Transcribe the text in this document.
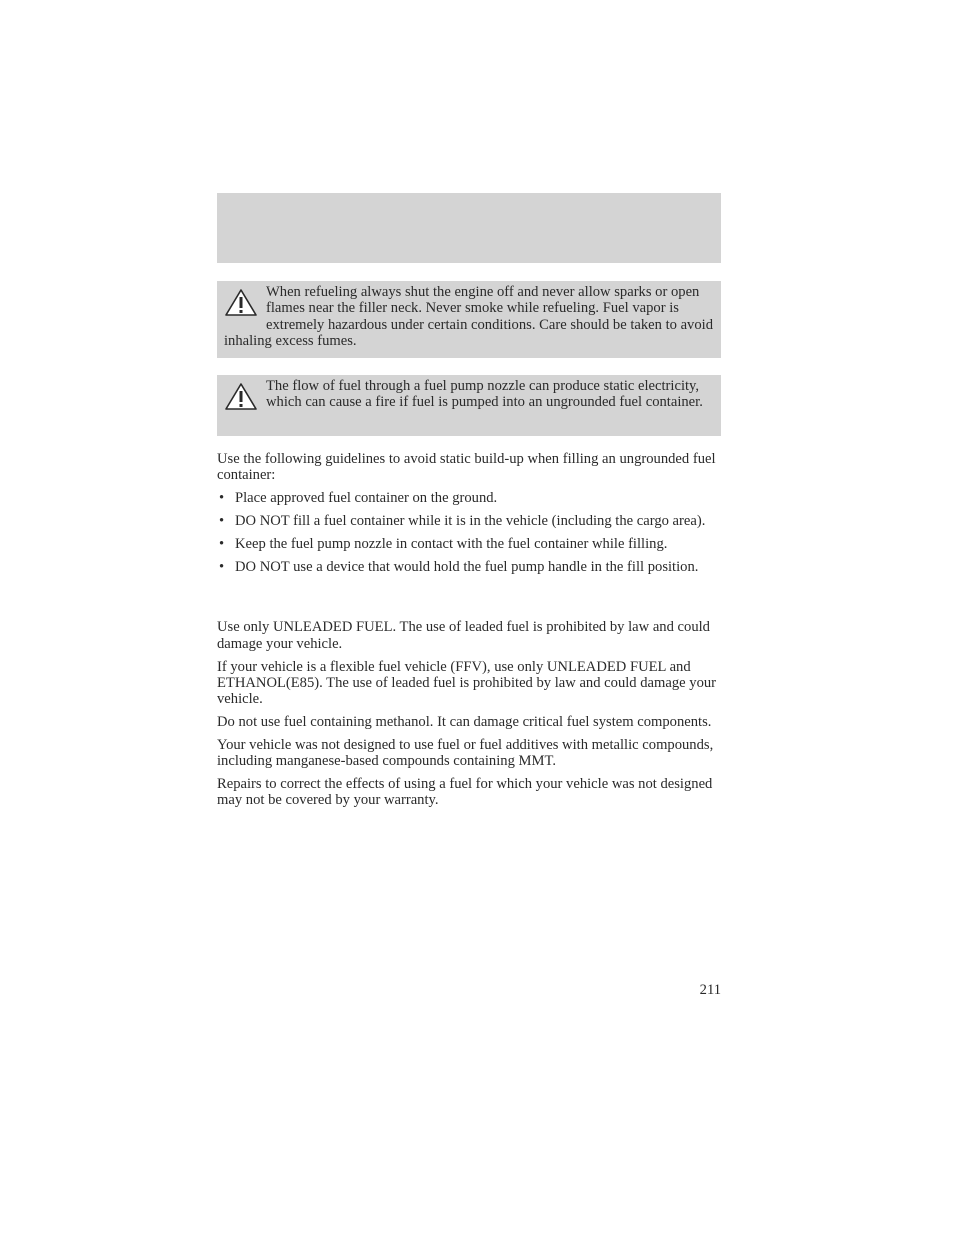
When refueling always shut the engine off and never allow sparks or open flames near the filler neck. Never smoke while refueling. Fuel vapor is extremely hazardous under certain conditions. Care should be taken to avoid inhaling excess fumes.
The flow of fuel through a fuel pump nozzle can produce static electricity, which can cause a fire if fuel is pumped into an ungrounded fuel container.

Use the following guidelines to avoid static build-up when filling an ungrounded fuel container:

• Place approved fuel container on the ground.
• DO NOT fill a fuel container while it is in the vehicle (including the cargo area).
• Keep the fuel pump nozzle in contact with the fuel container while filling.
• DO NOT use a device that would hold the fuel pump handle in the fill position.

Use only UNLEADED FUEL. The use of leaded fuel is prohibited by law and could damage your vehicle.

If your vehicle is a flexible fuel vehicle (FFV), use only UNLEADED FUEL and ETHANOL(E85). The use of leaded fuel is prohibited by law and could damage your vehicle.

Do not use fuel containing methanol. It can damage critical fuel system components.

Your vehicle was not designed to use fuel or fuel additives with metallic compounds, including manganese-based compounds containing MMT.

Repairs to correct the effects of using a fuel for which your vehicle was not designed may not be covered by your warranty.

211
